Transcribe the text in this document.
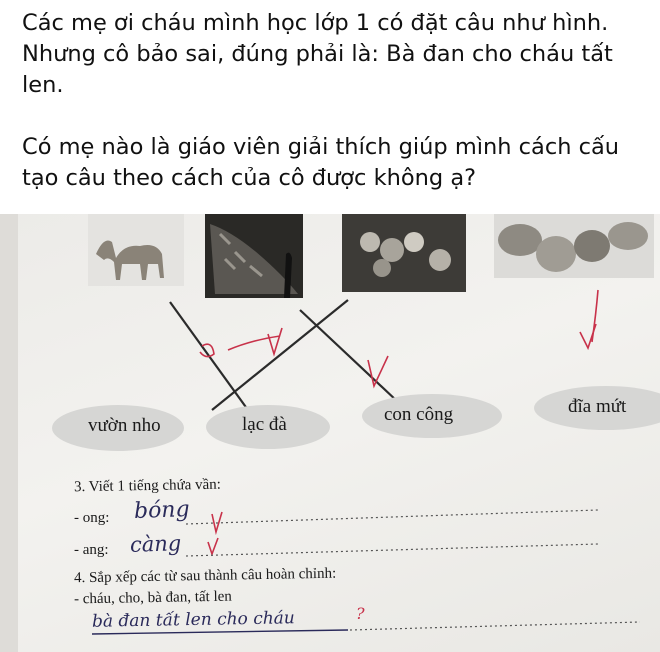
Các mẹ ơi cháu mình học lớp 1 có đặt câu như hình. Nhưng cô bảo sai, đúng phải là: Bà đan cho cháu tất len.

Có mẹ nào là giáo viên giải thích giúp mình cách cấu tạo câu theo cách của cô được không ạ?

vườn nho	lạc đà	con công	đĩa mứt
3. Viết 1 tiếng chứa vần:
- ong: bóng
- ang: càng
4. Sắp xếp các từ sau thành câu hoàn chỉnh:
- cháu, cho, bà đan, tất len
bà đan tất len cho cháu	?
